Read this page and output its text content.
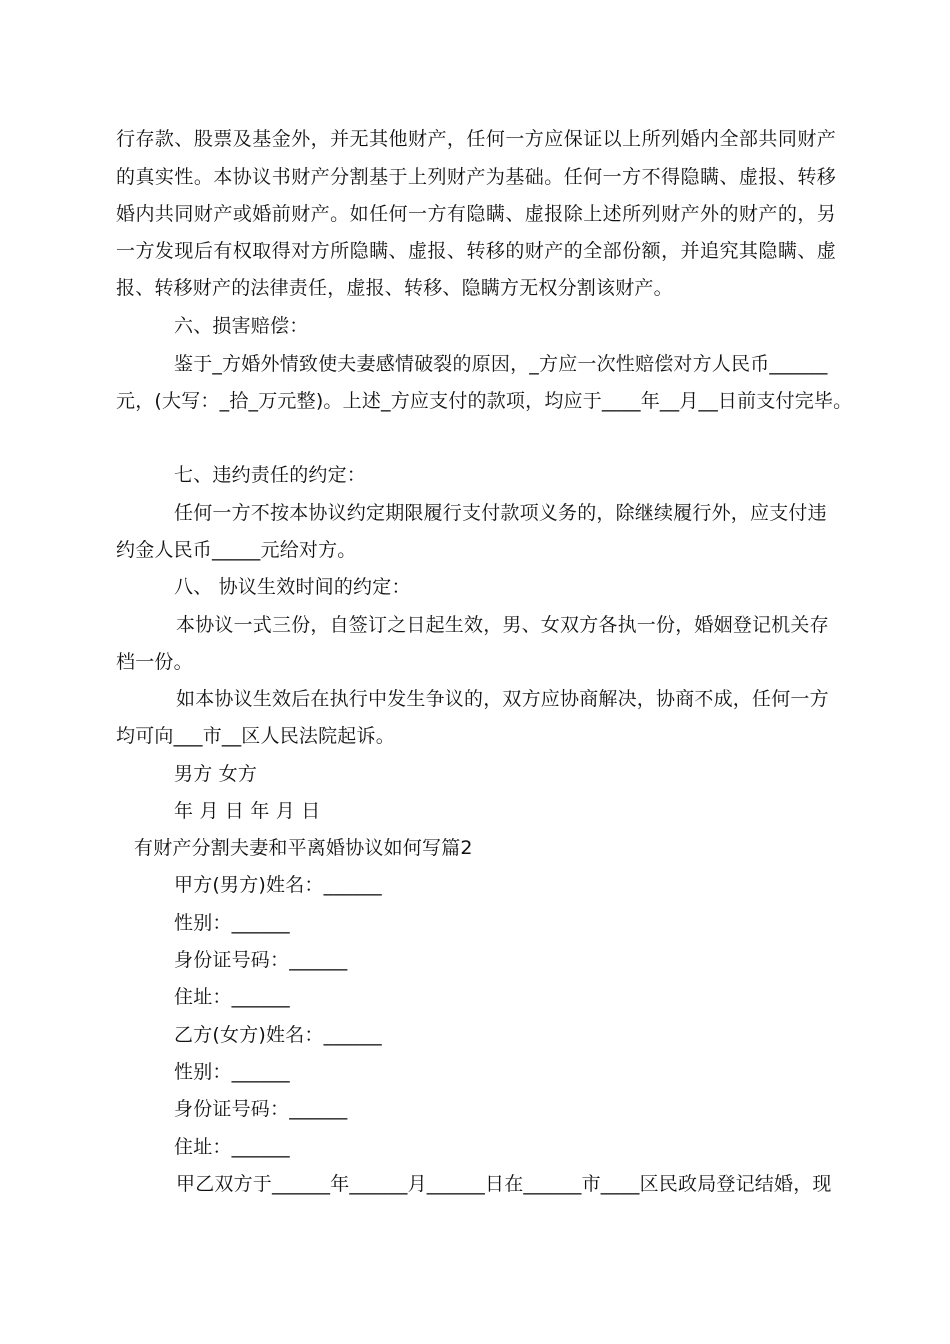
行存款、股票及基金外，并无其他财产，任何一方应保证以上所列婚内全部共同财产
的真实性。本协议书财产分割基于上列财产为基础。任何一方不得隐瞒、虚报、转移
婚内共同财产或婚前财产。如任何一方有隐瞒、虚报除上述所列财产外的财产的，另
一方发现后有权取得对方所隐瞒、虚报、转移的财产的全部份额，并追究其隐瞒、虚
报、转移财产的法律责任，虚报、转移、隐瞒方无权分割该财产。
六、损害赔偿：
鉴于_方婚外情致使夫妻感情破裂的原因，_方应一次性赔偿对方人民币______
元，(大写：_拾_万元整)。上述_方应支付的款项，均应于____年__月__日前支付完毕。
七、违约责任的约定：
任何一方不按本协议约定期限履行支付款项义务的，除继续履行外，应支付违
约金人民币_____元给对方。
八、 协议生效时间的约定：
本协议一式三份，自签订之日起生效，男、女双方各执一份，婚姻登记机关存
档一份。
如本协议生效后在执行中发生争议的，双方应协商解决，协商不成，任何一方
均可向___市__区人民法院起诉。
男方 女方
年 月 日 年 月 日
有财产分割夫妻和平离婚协议如何写篇2
甲方(男方)姓名：______
性别：______
身份证号码：______
住址：______
乙方(女方)姓名：______
性别：______
身份证号码：______
住址：______
甲乙双方于______年______月______日在______市____区民政局登记结婚，现
